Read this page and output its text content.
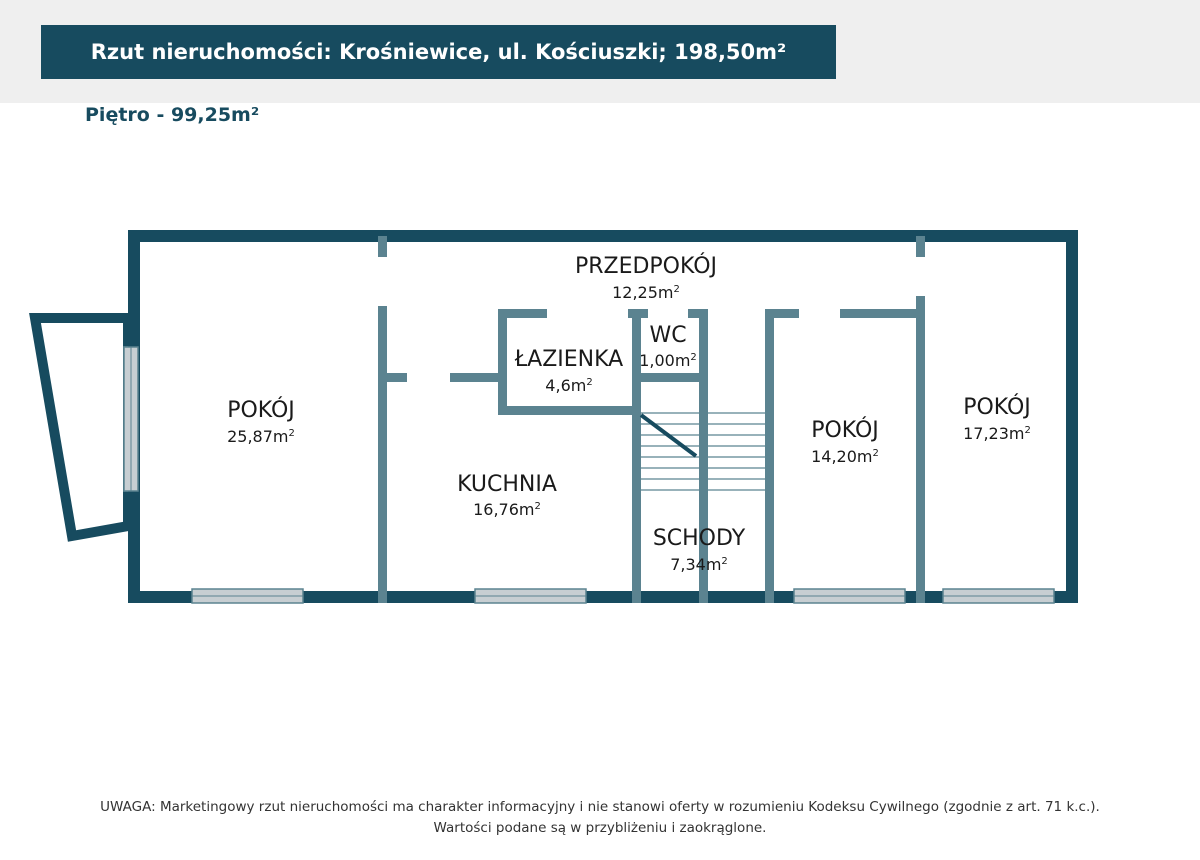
Rzut nieruchomości: Krośniewice, ul. Kościuszki; 198,50m²
Piętro - 99,25m²
PRZEDPOKÓJ
$12,25m^2$
POKÓJ
$25,87m^2$
ŁAZIENKA
$4,6m^2$
WC
$1,00m^2$
KUCHNIA
$16,76m^2$
SCHODY
$7,34m^2$
POKÓJ
$14,20m^2$
POKÓJ
$17,23m^2$
UWAGA: Marketingowy rzut nieruchomości ma charakter informacyjny i nie stanowi oferty w rozumieniu Kodeksu Cywilnego (zgodnie z art. 71 k.c.).
Wartości podane są w przybliżeniu i zaokrąglone.
